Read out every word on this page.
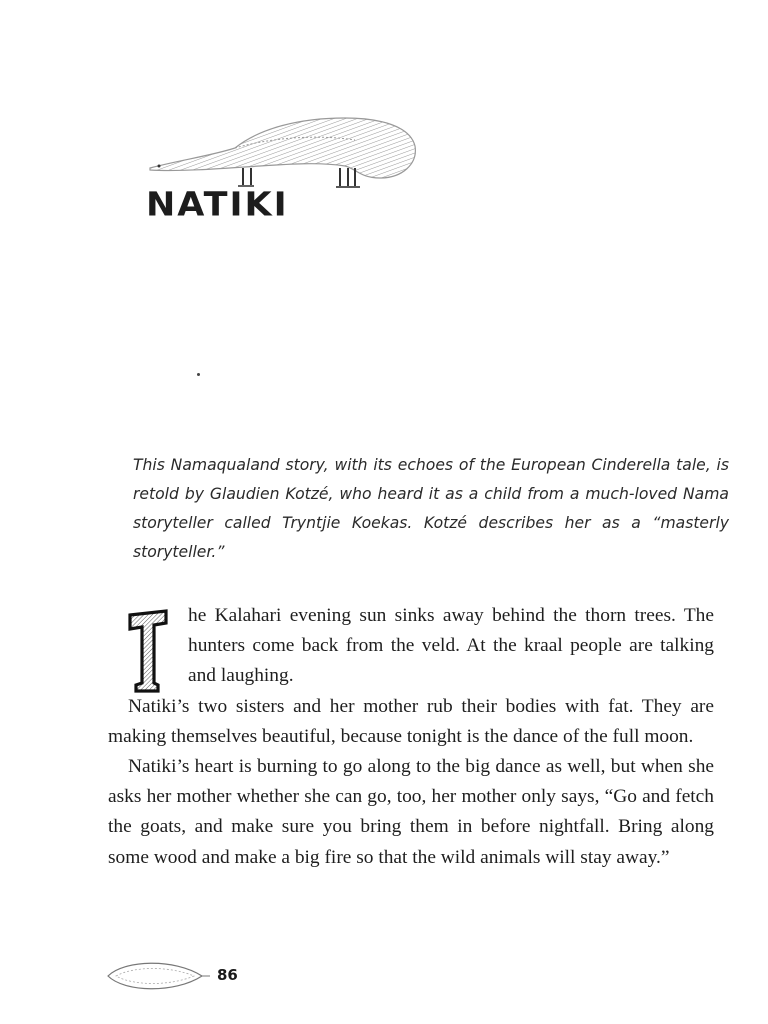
NATIKI

This Namaqualand story, with its echoes of the European Cinderella tale, is retold by Glaudien Kotzé, who heard it as a child from a much-loved Nama storyteller called Tryntjie Koekas. Kotzé describes her as a “masterly storyteller.”

T

he Kalahari evening sun sinks away behind the thorn trees. The hunters come back from the veld. At the kraal people are talking and laughing.

Natiki’s two sisters and her mother rub their bodies with fat. They are making themselves beautiful, because tonight is the dance of the full moon.

Natiki’s heart is burning to go along to the big dance as well, but when she asks her mother whether she can go, too, her mother only says, “Go and fetch the goats, and make sure you bring them in before nightfall. Bring along some wood and make a big fire so that the wild animals will stay away.”

86
